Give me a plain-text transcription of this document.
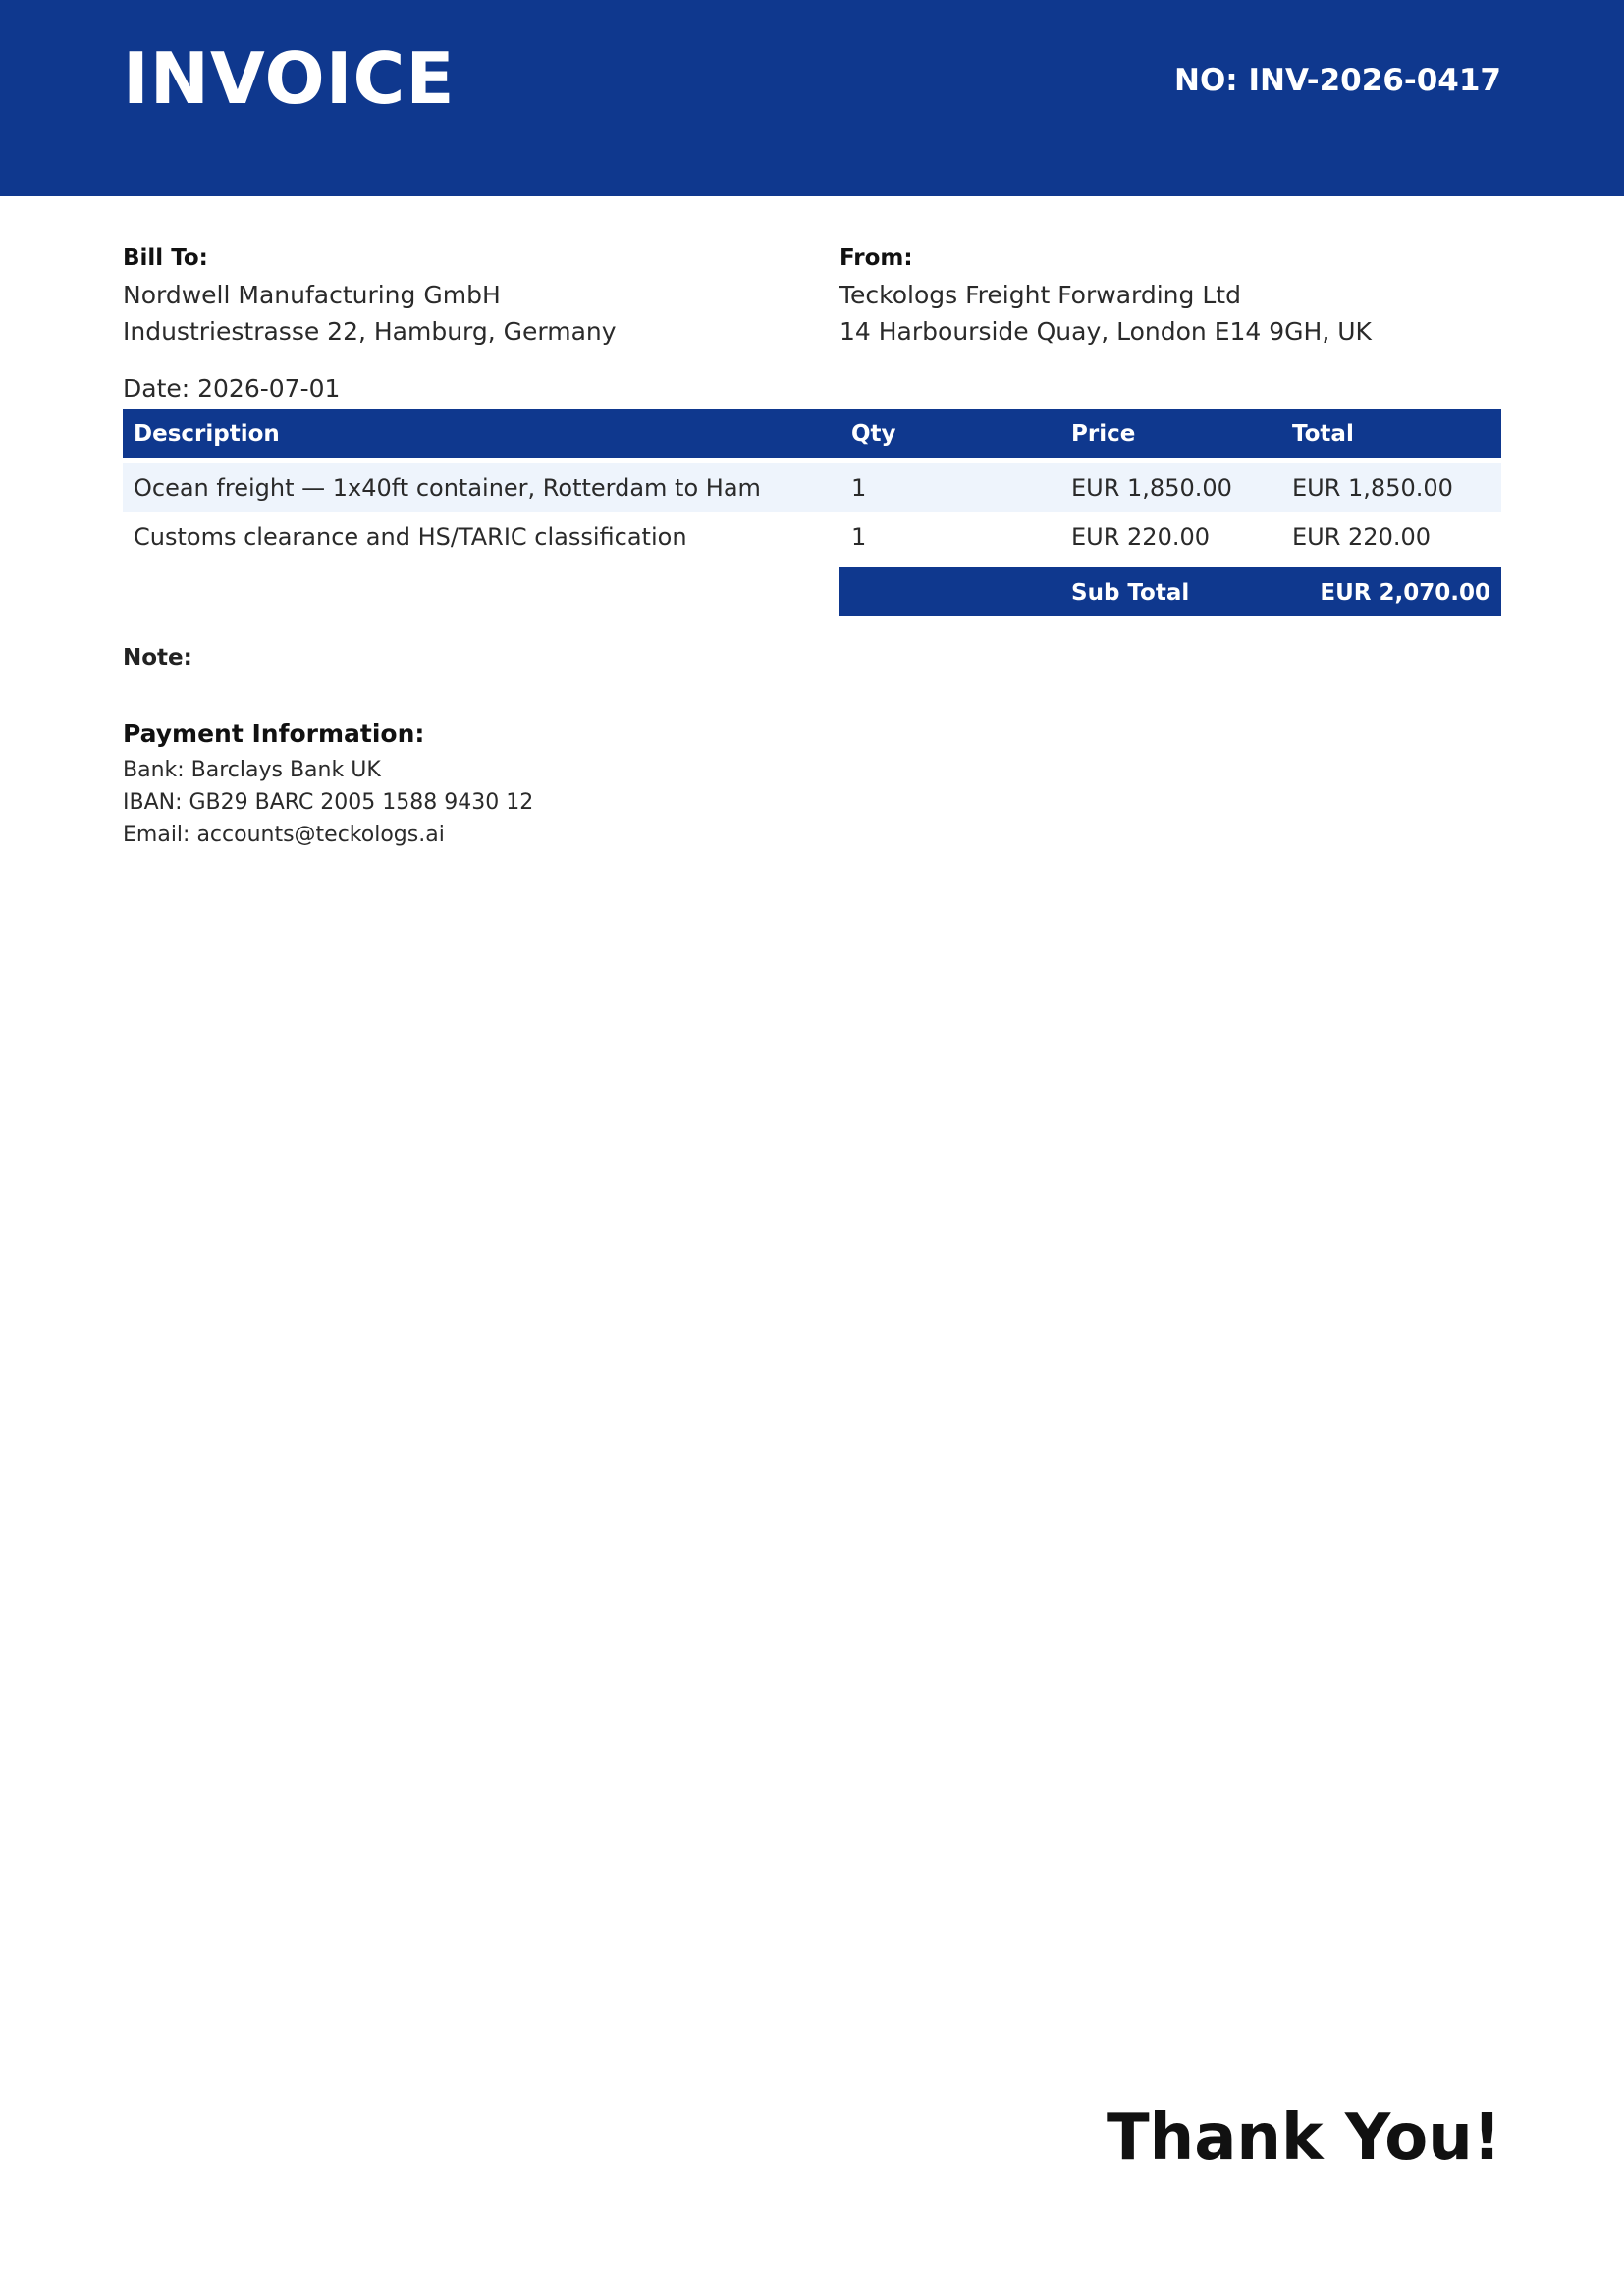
INVOICE	NO: INV-2026-0417
Bill To:
Nordwell Manufacturing GmbH
Industriestrasse 22, Hamburg, Germany
From:
Teckologs Freight Forwarding Ltd
14 Harbourside Quay, London E14 9GH, UK
Date: 2026-07-01
Description	Qty	Price	Total
Ocean freight — 1x40ft container, Rotterdam to Ham	1	EUR 1,850.00	EUR 1,850.00
Customs clearance and HS/TARIC classification	1	EUR 220.00	EUR 220.00
Sub Total	EUR 2,070.00
Note:
Payment Information:
Bank: Barclays Bank UK
IBAN: GB29 BARC 2005 1588 9430 12
Email: accounts@teckologs.ai
Thank You!
